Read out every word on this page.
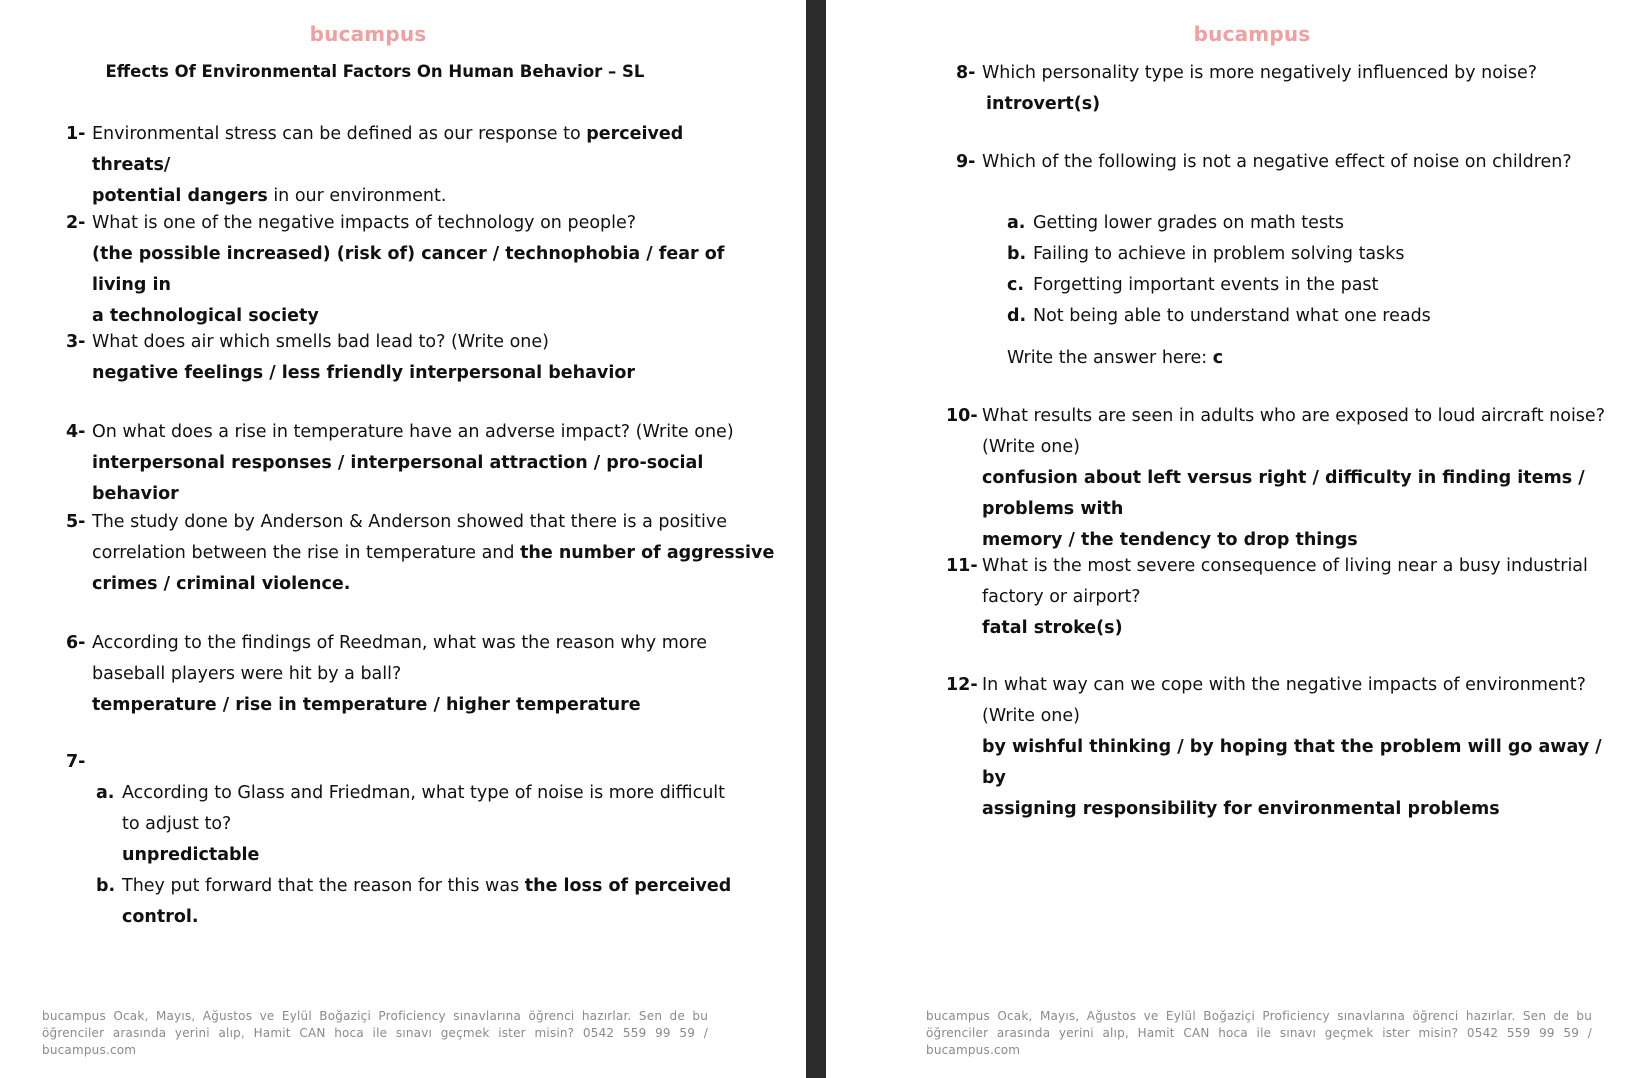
bucampus
Effects Of Environmental Factors On Human Behavior – SL
1- Environmental stress can be defined as our response to perceived threats/
potential dangers in our environment.
2- What is one of the negative impacts of technology on people?
(the possible increased) (risk of) cancer / technophobia / fear of living in
a technological society
3- What does air which smells bad lead to? (Write one)
negative feelings / less friendly interpersonal behavior
4- On what does a rise in temperature have an adverse impact? (Write one)
interpersonal responses / interpersonal attraction / pro-social behavior
5- The study done by Anderson & Anderson showed that there is a positive
correlation between the rise in temperature and the number of aggressive
crimes / criminal violence.
6- According to the findings of Reedman, what was the reason why more
baseball players were hit by a ball?
temperature / rise in temperature / higher temperature
7-
a. According to Glass and Friedman, what type of noise is more difficult
to adjust to?
unpredictable
b. They put forward that the reason for this was the loss of perceived
control.
bucampus Ocak, Mayıs, Ağustos ve Eylül Boğaziçi Proficiency sınavlarına öğrenci hazırlar. Sen de bu öğrenciler arasında yerini alıp, Hamit CAN hoca ile sınavı geçmek ister misin? 0542 559 99 59 / bucampus.com
bucampus
8- Which personality type is more negatively influenced by noise?
introvert(s)
9- Which of the following is not a negative effect of noise on children?
a. Getting lower grades on math tests
b. Failing to achieve in problem solving tasks
c. Forgetting important events in the past
d. Not being able to understand what one reads
Write the answer here: c
10- What results are seen in adults who are exposed to loud aircraft noise?
(Write one)
confusion about left versus right / difficulty in finding items / problems with
memory / the tendency to drop things
11- What is the most severe consequence of living near a busy industrial
factory or airport?
fatal stroke(s)
12- In what way can we cope with the negative impacts of environment?
(Write one)
by wishful thinking / by hoping that the problem will go away / by
assigning responsibility for environmental problems
bucampus Ocak, Mayıs, Ağustos ve Eylül Boğaziçi Proficiency sınavlarına öğrenci hazırlar. Sen de bu öğrenciler arasında yerini alıp, Hamit CAN hoca ile sınavı geçmek ister misin? 0542 559 99 59 / bucampus.com
